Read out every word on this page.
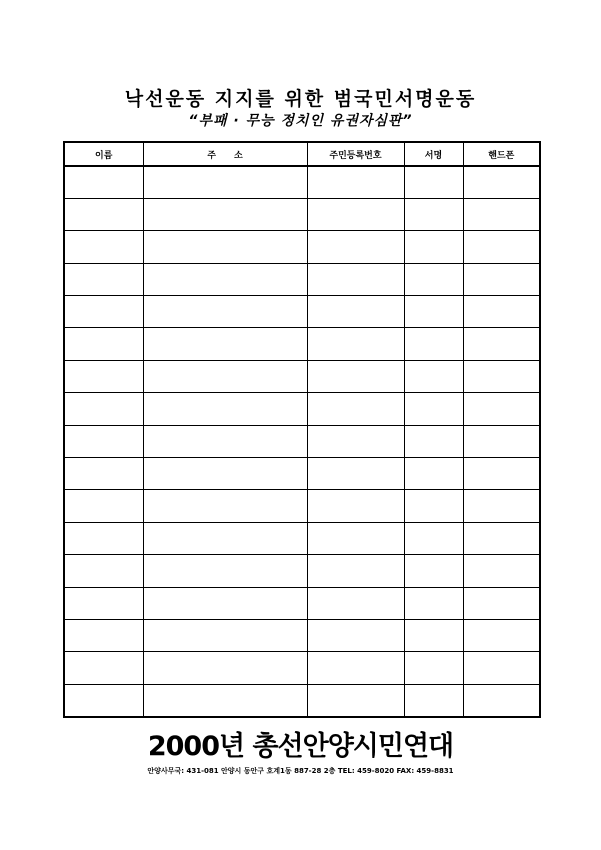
낙선운동 지지를 위한 범국민서명운동
“부패 · 무능 정치인 유권자심판”
이름	주　　소	주민등록번호	서명	핸드폰

2000년 총선안양시민연대
안양사무국: 431-081 안양시 동안구 호계1동 887-28 2층 TEL: 459-8020 FAX: 459-8831
